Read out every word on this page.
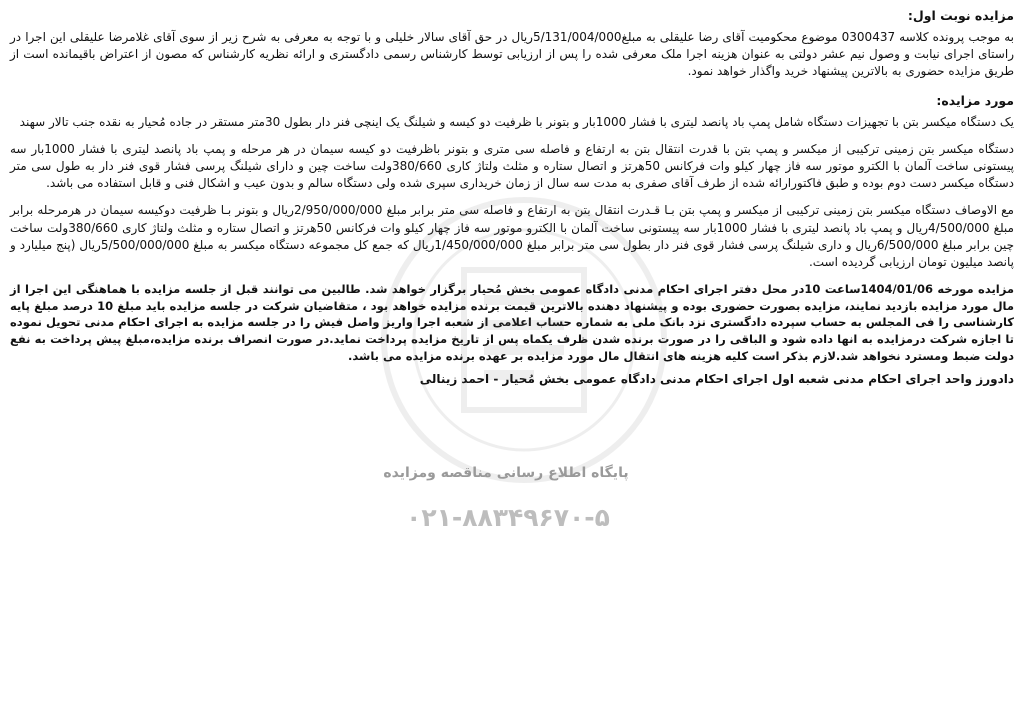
مزایده نوبت اول:

به موجب پرونده کلاسه 0300437 موضوع محکومیت آقای رضا علیقلی به مبلغ5/131/004/000ریال در حق آقای سالار خلیلی و با توجه به معرفی به شرح زیر از سوی آقای غلامرضا علیقلی این اجرا در راستای اجرای نیابت و وصول نیم عشر دولتی به عنوان هزینه اجرا ملک معرفی شده را پس از ارزیابی توسط کارشناس رسمی دادگستری و ارائه نظریه کارشناس که مصون از اعتراض باقیمانده است از طریق مزایده حضوری به بالاترین پیشنهاد خرید واگذار خواهد نمود.

مورد مزایده:

یک دستگاه میکسر بتن با تجهیزات دستگاه شامل پمپ باد پانصد لیتری با فشار 1000بار و بتونر با ظرفیت دو کیسه و شیلنگ یک اینچی فنر دار بطول 30متر مستقر در جاده مُحیار به نقده جنب تالار سهند

دستگاه میکسر بتن زمینی ترکیبی از میکسر و پمپ بتن با قدرت انتقال بتن به ارتفاع و فاصله سی متری و بتونر باظرفیت دو کیسه سیمان در هر مرحله و پمپ باد پانصد لیتری با فشار 1000بار سه پیستونی ساخت آلمان با الکترو موتور سه فاز چهار کیلو وات فرکانس 50هرتز و اتصال ستاره و مثلث ولتاژ کاری 380/660ولت ساخت چین و دارای شیلنگ پرسی فشار قوی فنر دار به طول سی متر دستگاه میکسر دست دوم بوده و طبق فاکتورارائه شده از طرف آقای صفری به مدت سه سال از زمان خریداری سپری شده ولی دستگاه سالم و بدون عیب و اشکال فنی و قابل استفاده می باشد.

مع الاوصاف دستگاه میکسر بتن زمینی ترکیبی از میکسر و پمپ بتن بـا قـدرت انتقال بتن به ارتفاع و فاصله سی متر برابر مبلغ 2/950/000/000ریال و بتونر بـا ظرفیت دوکیسه سیمان در هرمرحله برابر مبلغ 4/500/000ریال و پمپ باد پانصد لیتری با فشار 1000بار سه پیستونی ساخت آلمان با الکترو موتور سه فاز چهار کیلو وات فرکانس 50هرتز و اتصال ستاره و مثلث ولتاژ کاری 380/660ولت ساخت چین برابر مبلغ 6/500/000ریال و داری شیلنگ پرسی فشار قوی فنر دار بطول سی متر برابر مبلغ 1/450/000/000ریال که جمع کل مجموعه دستگاه میکسر به مبلغ 5/500/000/000ریال (پنج میلیارد و پانصد میلیون تومان ارزیابی گردیده است.

مزایده مورخه 1404/01/06ساعت 10در محل دفتر اجرای احکام مدنی دادگاه عمومی بخش مُحیار برگزار خواهد شد. طالبین می توانند قبل از جلسه مزایده با هماهنگی این اجرا از مال مورد مزایده بازدید نمایند، مزایده بصورت حضوری بوده و پیشنهاد دهنده بالاترین قیمت برنده مزایده خواهد بود ، متقاضیان شرکت در جلسه مزایده باید مبلغ 10 درصد مبلغ پایه کارشناسی را فی المجلس به حساب سپرده دادگستری نزد بانک ملی به شماره حساب اعلامی از شعبه اجرا واریز واصل فیش را در جلسه مزایده به اجرای احکام مدنی تحویل نموده تا اجازه شرکت درمزایده به انها داده شود و الباقی را در صورت برنده شدن ظرف یکماه پس از تاریخ مزایده پرداخت نماید.در صورت انصراف برنده مزایده،مبلغ پیش پرداخت به نفع دولت ضبط ومسترد نخواهد شد.لازم بذکر است کلیه هزینه های انتقال مال مورد مزایده بر عهده برنده مزایده می باشد.

دادورز واحد اجرای احکام مدنی شعبه اول اجرای احکام مدنی دادگاه عمومی بخش مُحیار - احمد زینالی

پایگاه اطلاع رسانی مناقصه ومزایده
۰۲۱-۸۸۳۴۹۶۷۰-۵
